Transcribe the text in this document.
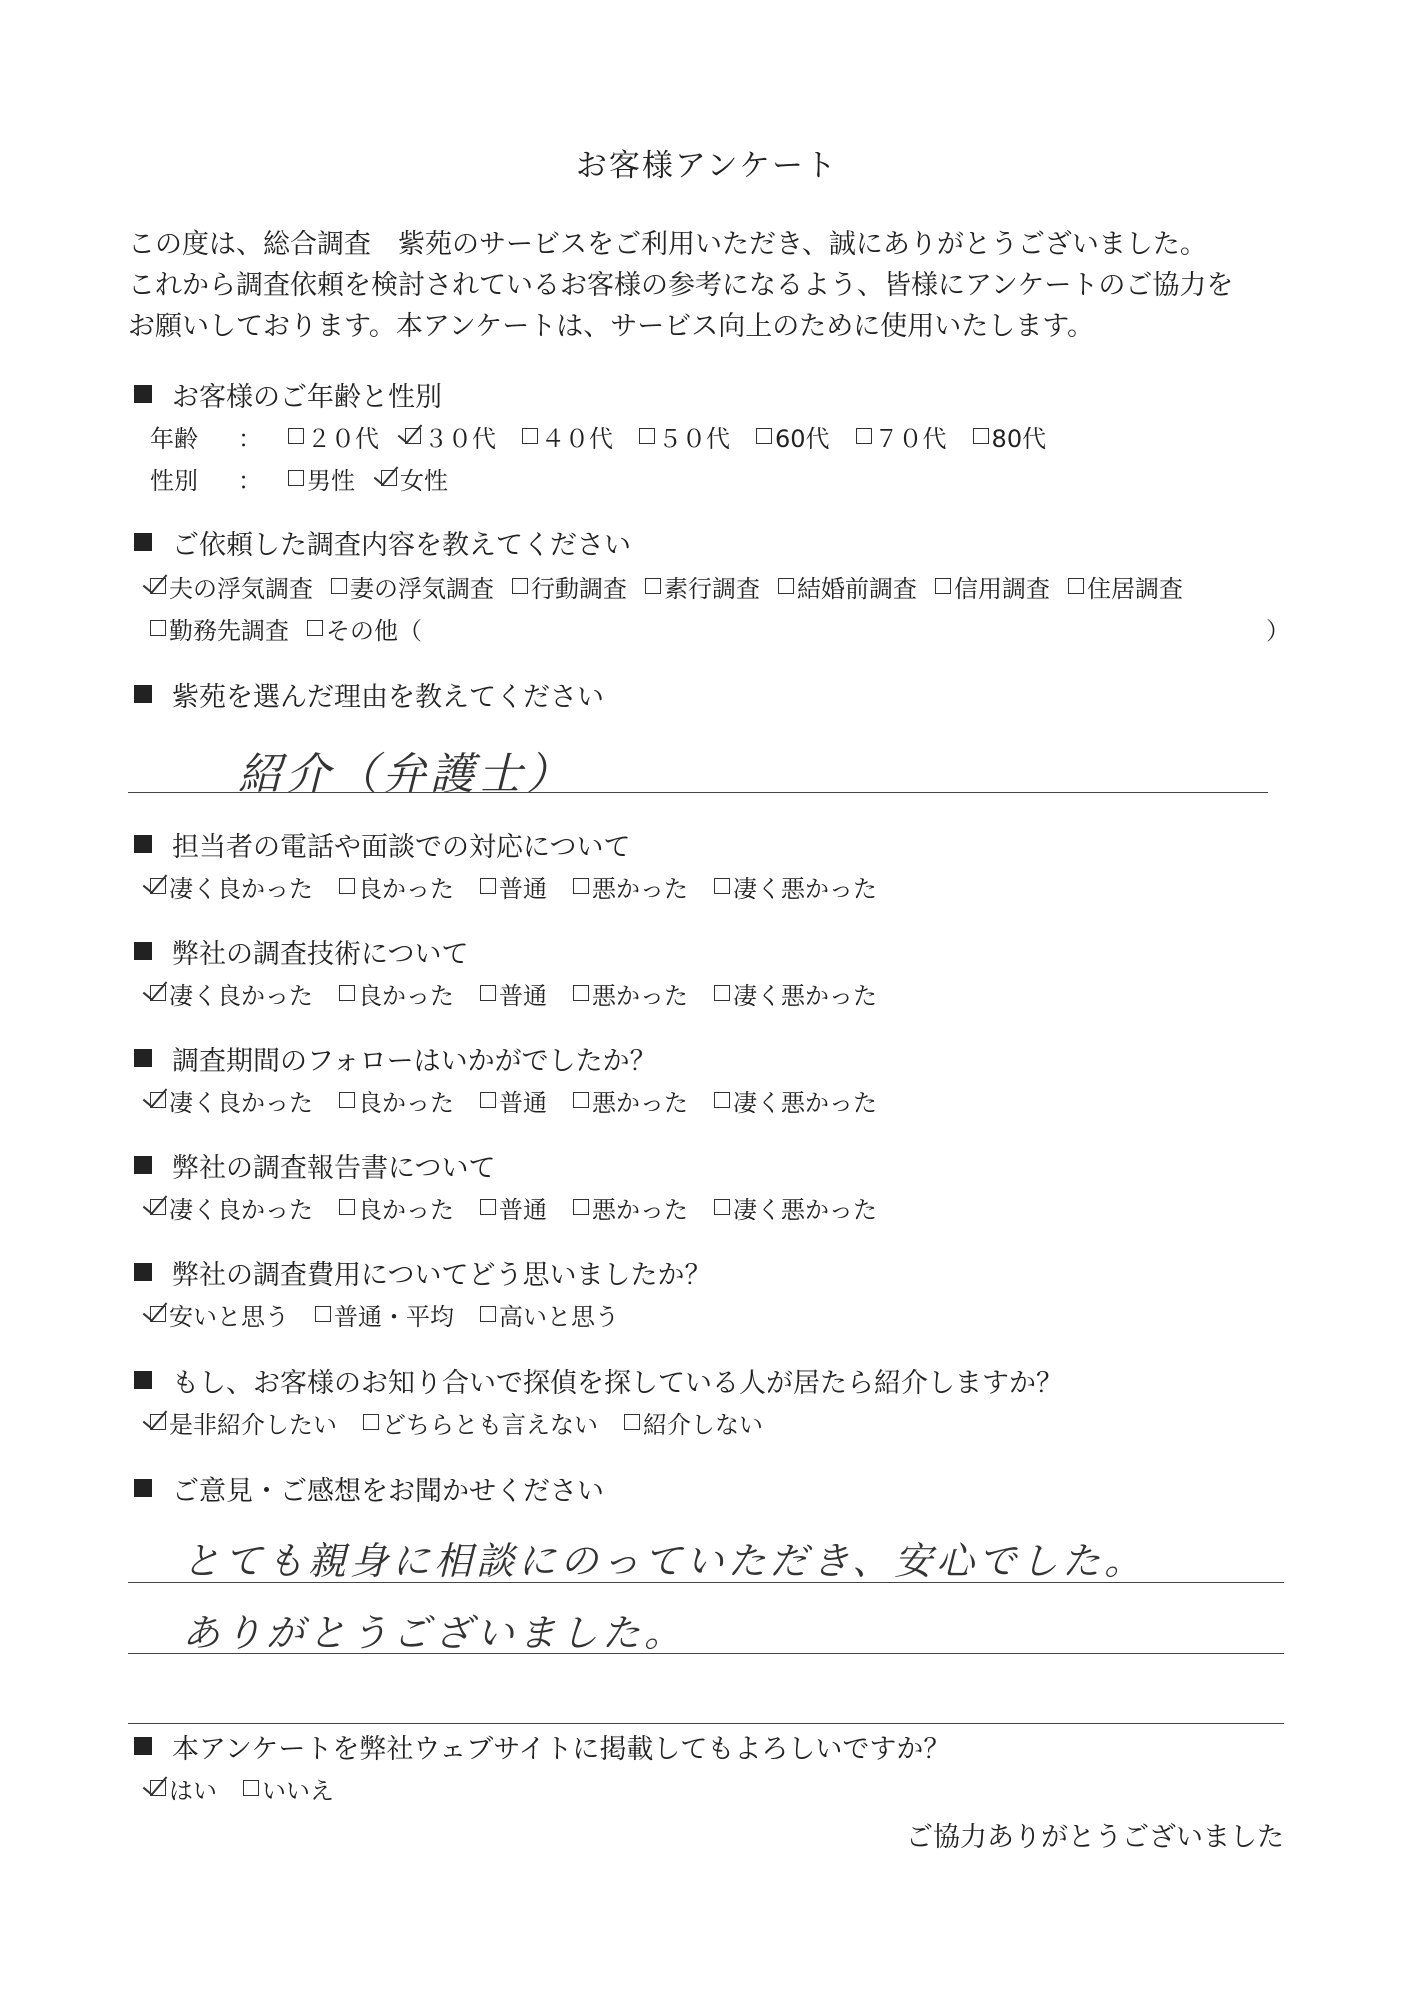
お客様アンケート

この度は、総合調査　紫苑のサービスをご利用いただき、誠にありがとうございました。

これから調査依頼を検討されているお客様の参考になるよう、皆様にアンケートのご協力を

お願いしております。本アンケートは、サービス向上のために使用いたします。

お客様のご年齢と性別
年齢	：	２０代 ３０代 ４０代 ５０代 60代 ７０代 80代
性別	：	男性 女性
ご依頼した調査内容を教えてください
夫の浮気調査 妻の浮気調査 行動調査 素行調査 結婚前調査 信用調査 住居調査
勤務先調査 その他（	）
紫苑を選んだ理由を教えてください
紹介（弁護士）
担当者の電話や面談での対応について
凄く良かった 良かった 普通 悪かった 凄く悪かった
弊社の調査技術について
凄く良かった 良かった 普通 悪かった 凄く悪かった
調査期間のフォローはいかがでしたか？
凄く良かった 良かった 普通 悪かった 凄く悪かった
弊社の調査報告書について
凄く良かった 良かった 普通 悪かった 凄く悪かった
弊社の調査費用についてどう思いましたか？
安いと思う 普通・平均 高いと思う
もし、お客様のお知り合いで探偵を探している人が居たら紹介しますか？
是非紹介したい どちらとも言えない 紹介しない
ご意見・ご感想をお聞かせください
とても親身に相談にのっていただき、安心でした。
ありがとうございました。
本アンケートを弊社ウェブサイトに掲載してもよろしいですか？
はい いいえ
ご協力ありがとうございました
